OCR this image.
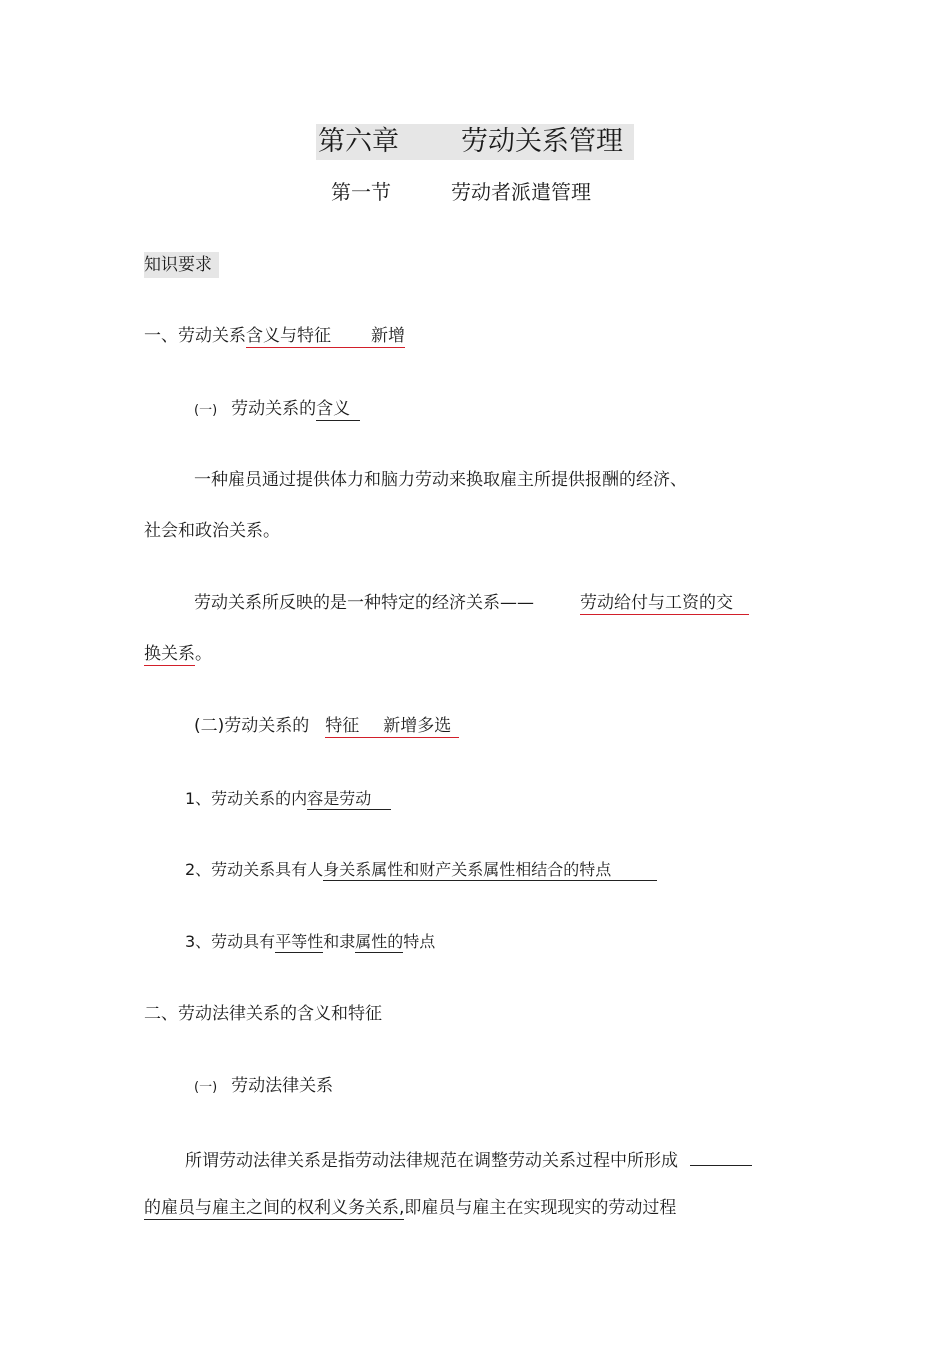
第六章 劳动关系管理
第一节	劳动者派遣管理
知识要求
一、劳动关系含义与特征 新增
(一) 劳动关系的含义
一种雇员通过提供体力和脑力劳动来换取雇主所提供报酬的经济、
社会和政治关系。
劳动关系所反映的是一种特定的经济关系——	劳动给付与工资的交
换关系。
(二)劳动关系的 特征 新增多选
1、劳动关系的内容是劳动
2、劳动关系具有人身关系属性和财产关系属性相结合的特点
3、劳动具有平等性和隶属性的特点
二、劳动法律关系的含义和特征
(一) 劳动法律关系
所谓劳动法律关系是指劳动法律规范在调整劳动关系过程中所形成
的雇员与雇主之间的权利义务关系,即雇员与雇主在实现现实的劳动过程
